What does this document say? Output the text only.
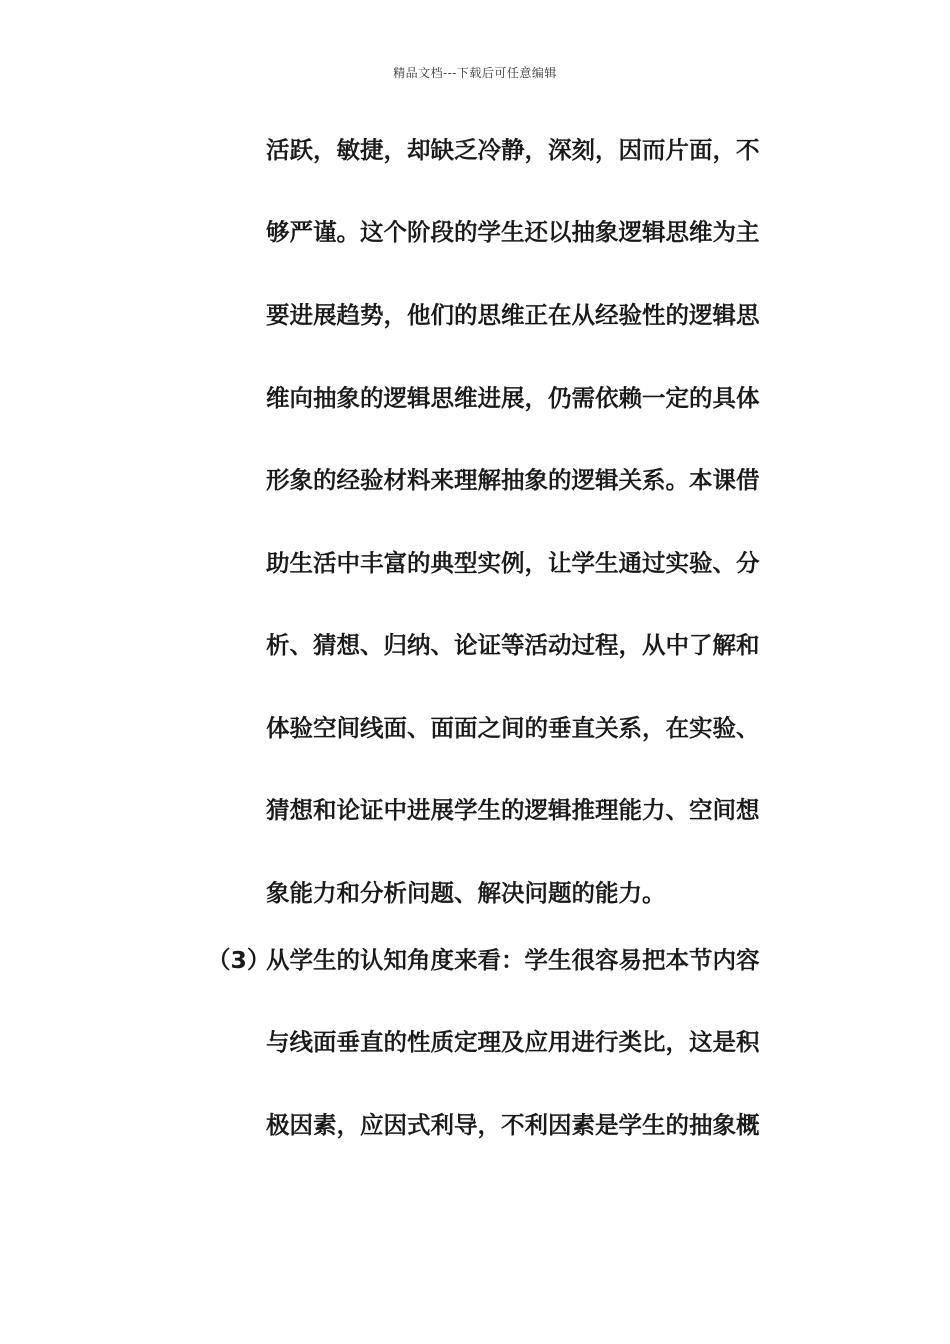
精品文档---下载后可任意编辑
活跃，敏捷，却缺乏冷静，深刻，因而片面，不
够严谨。这个阶段的学生还以抽象逻辑思维为主
要进展趋势，他们的思维正在从经验性的逻辑思
维向抽象的逻辑思维进展，仍需依赖一定的具体
形象的经验材料来理解抽象的逻辑关系。本课借
助生活中丰富的典型实例，让学生通过实验、分
析、猜想、归纳、论证等活动过程，从中了解和
体验空间线面、面面之间的垂直关系，在实验、
猜想和论证中进展学生的逻辑推理能力、空间想
象能力和分析问题、解决问题的能力。
（3）
从学生的认知角度来看：学生很容易把本节内容
与线面垂直的性质定理及应用进行类比，这是积
极因素，应因式利导，不利因素是学生的抽象概
